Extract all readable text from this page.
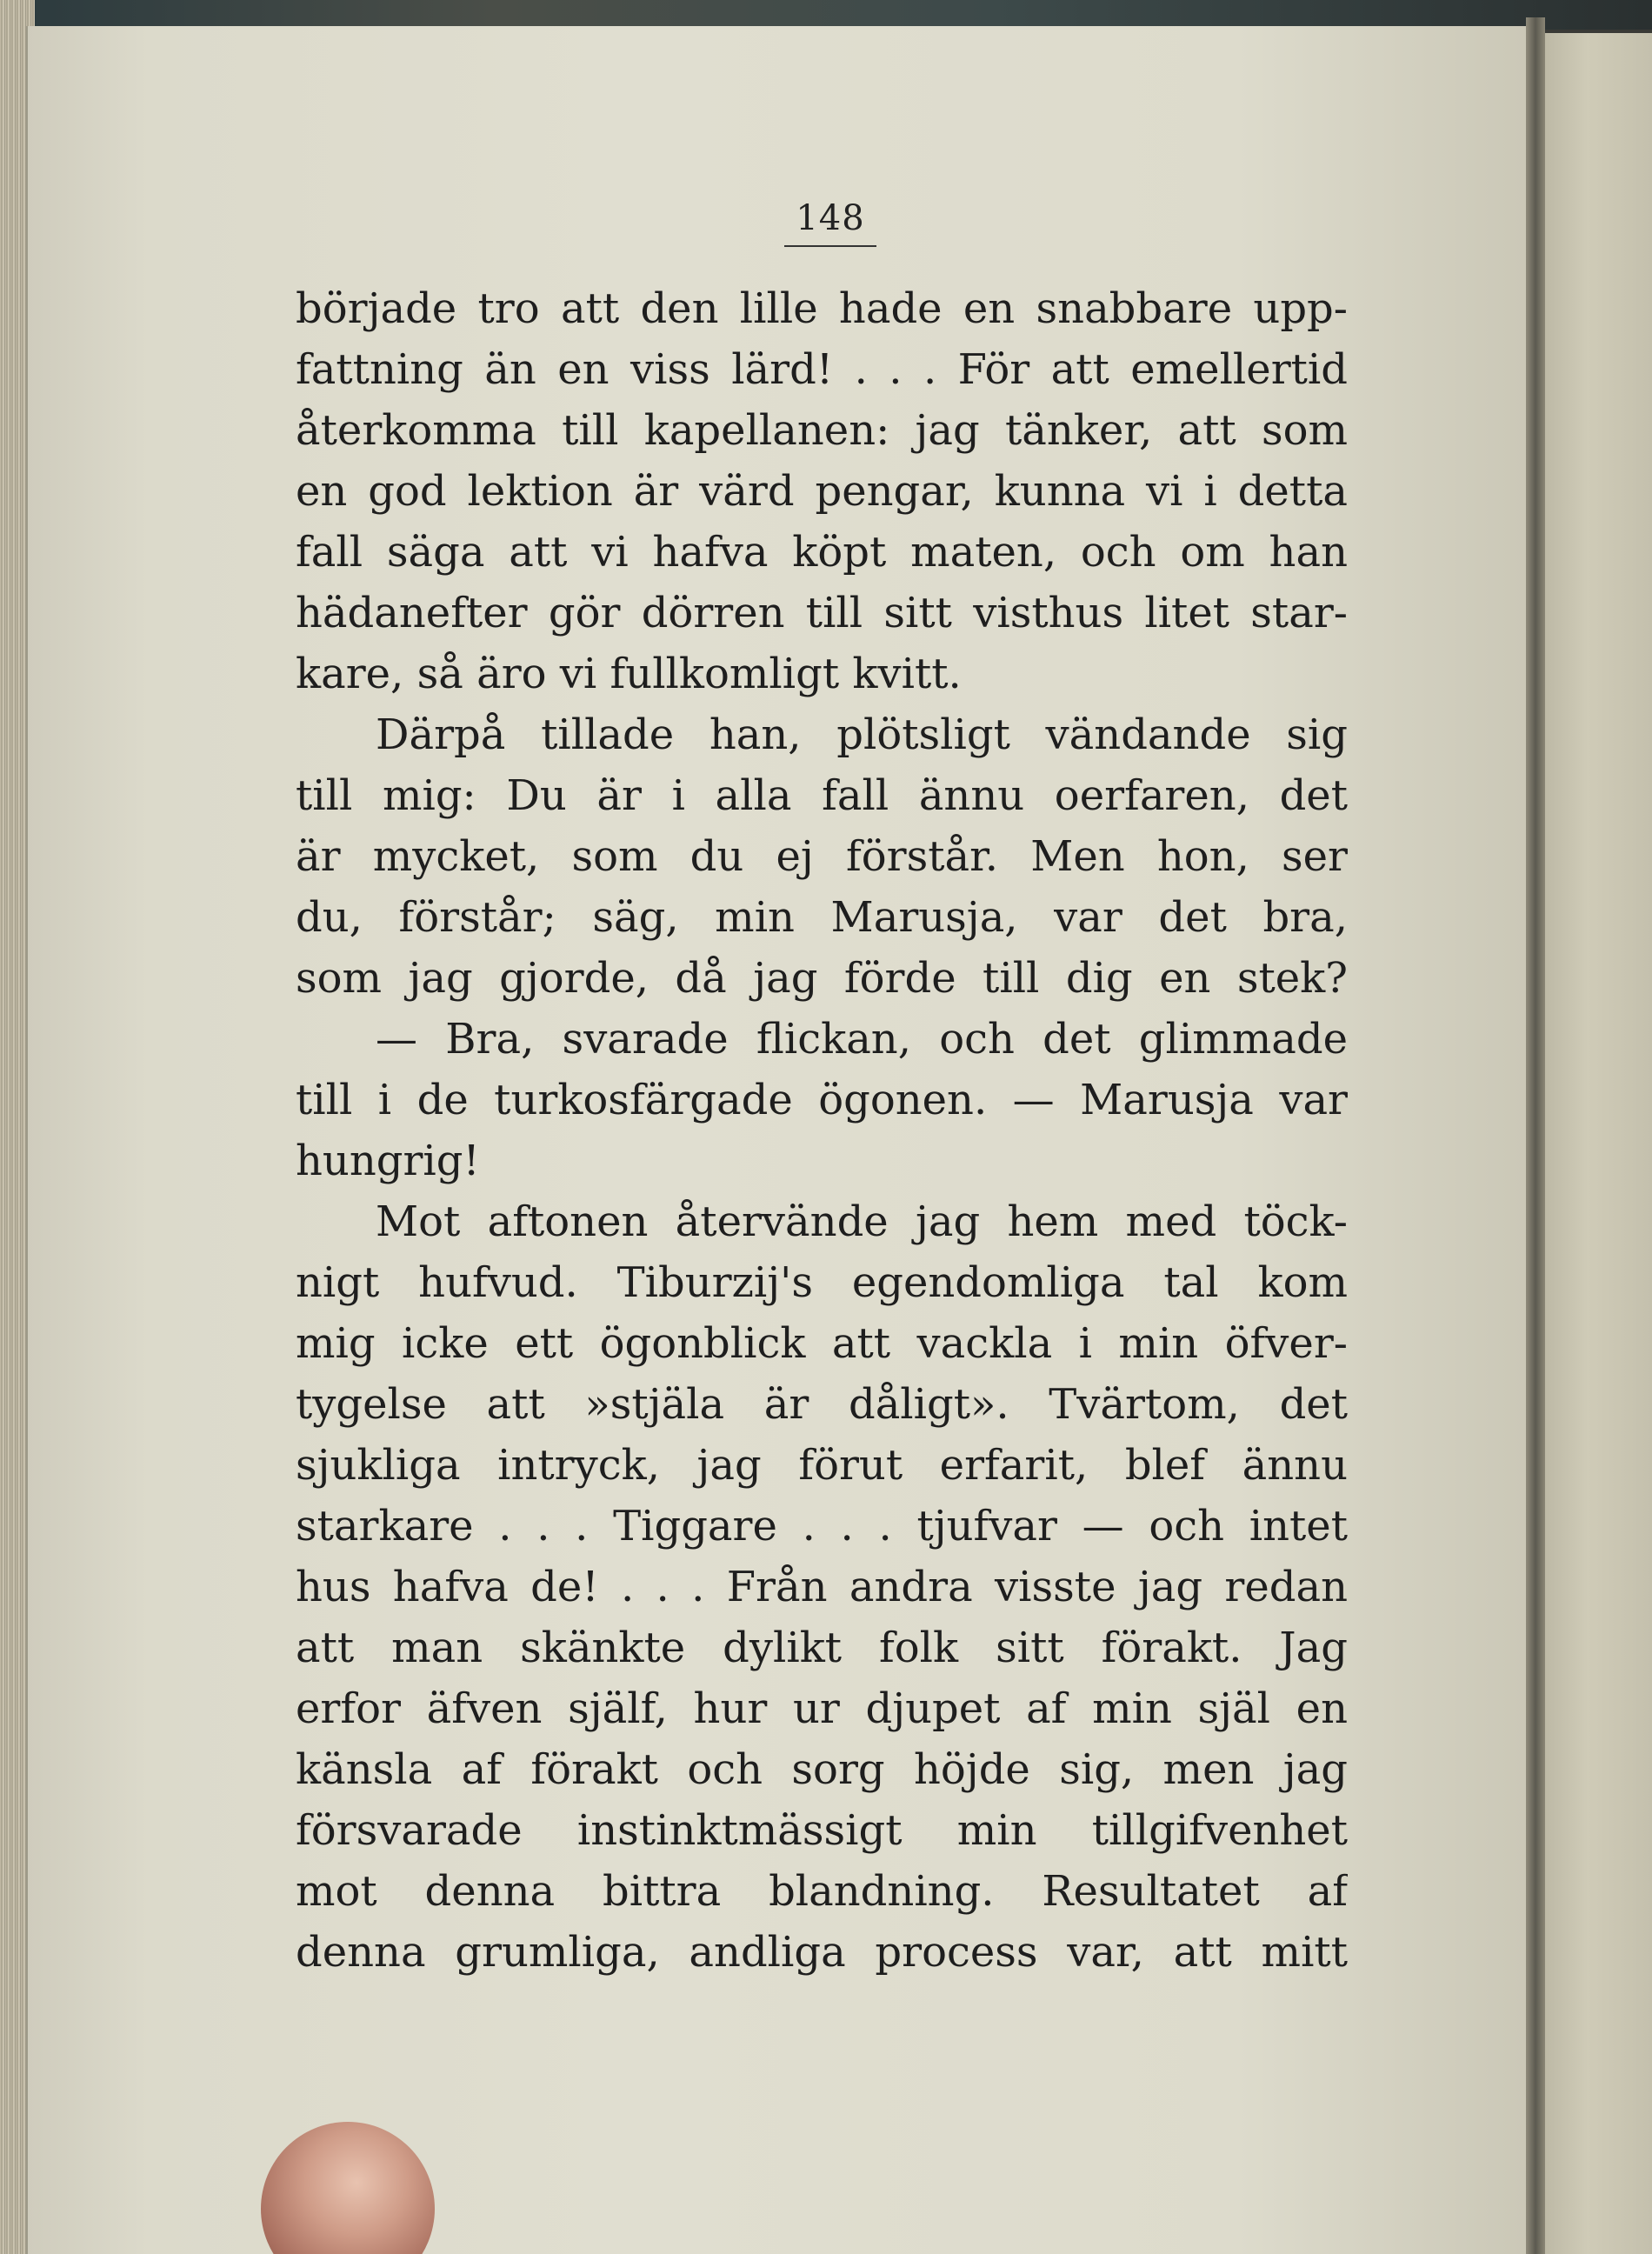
148
började tro att den lille hade en snabbare upp-
fattning än en viss lärd! . . . För att emellertid
återkomma till kapellanen: jag tänker, att som
en god lektion är värd pengar, kunna vi i detta
fall säga att vi hafva köpt maten, och om han
hädanefter gör dörren till sitt visthus litet star-
kare, så äro vi fullkomligt kvitt.
Därpå tillade han, plötsligt vändande sig
till mig: Du är i alla fall ännu oerfaren, det
är mycket, som du ej förstår. Men hon, ser
du, förstår; säg, min Marusja, var det bra,
som jag gjorde, då jag förde till dig en stek?
— Bra, svarade flickan, och det glimmade
till i de turkosfärgade ögonen. — Marusja var
hungrig!
Mot aftonen återvände jag hem med töck-
nigt hufvud. Tiburzij's egendomliga tal kom
mig icke ett ögonblick att vackla i min öfver-
tygelse att »stjäla är dåligt». Tvärtom, det
sjukliga intryck, jag förut erfarit, blef ännu
starkare . . . Tiggare . . . tjufvar — och intet
hus hafva de! . . . Från andra visste jag redan
att man skänkte dylikt folk sitt förakt. Jag
erfor äfven själf, hur ur djupet af min själ en
känsla af förakt och sorg höjde sig, men jag
försvarade instinktmässigt min tillgifvenhet
mot denna bittra blandning. Resultatet af
denna grumliga, andliga process var, att mitt
